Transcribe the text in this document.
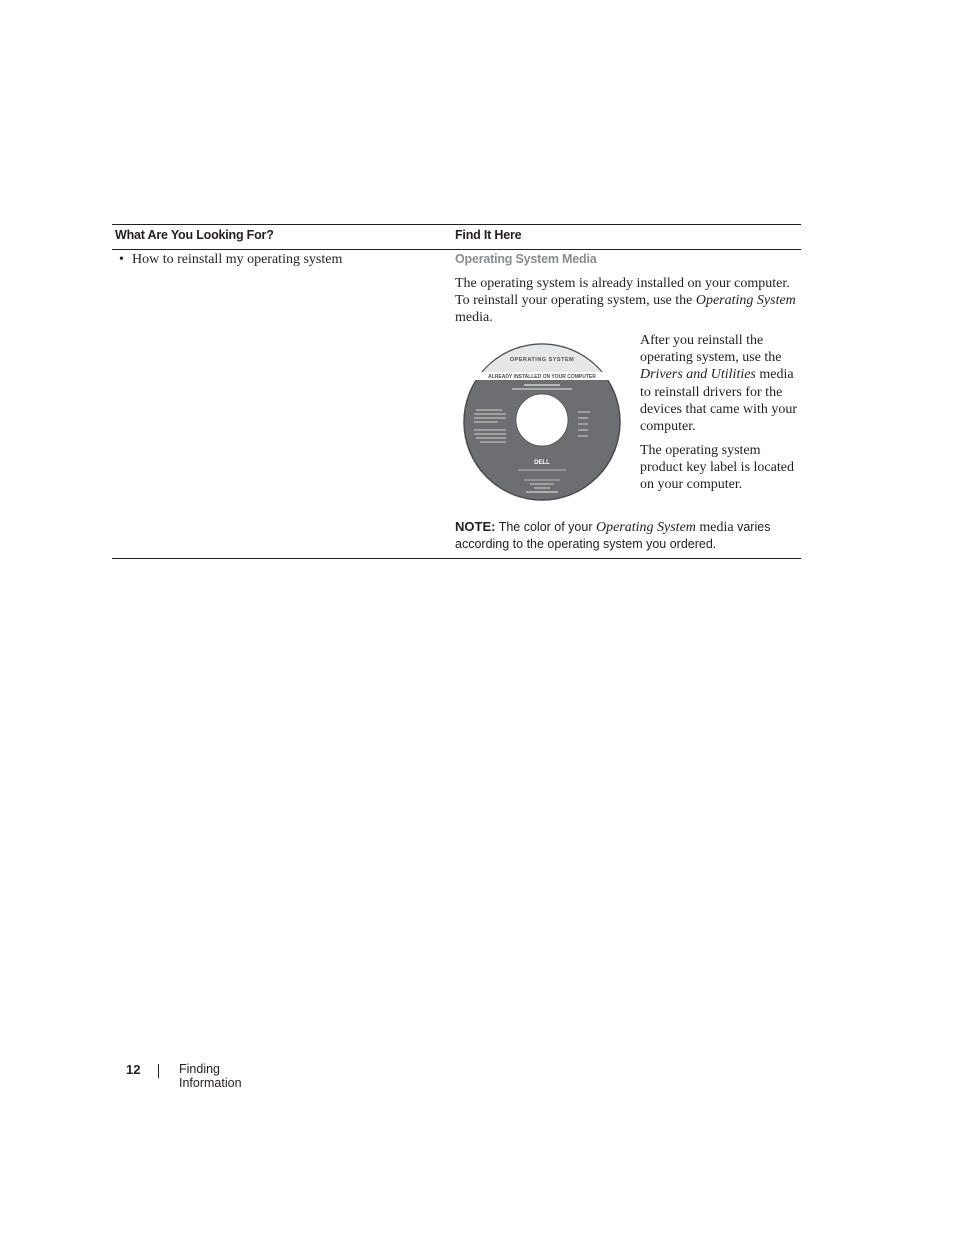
What Are You Looking For?	Find It Here
• How to reinstall my operating system	Operating System Media
The operating system is already installed on your computer. To reinstall your operating system, use the Operating System media.
OPERATING SYSTEM
ALREADY INSTALLED ON YOUR COMPUTER
DELL
After you reinstall the operating system, use the Drivers and Utilities media to reinstall drivers for the devices that came with your computer.
The operating system product key label is located on your computer.
NOTE: The color of your Operating System media varies according to the operating system you ordered.
12	Finding Information
